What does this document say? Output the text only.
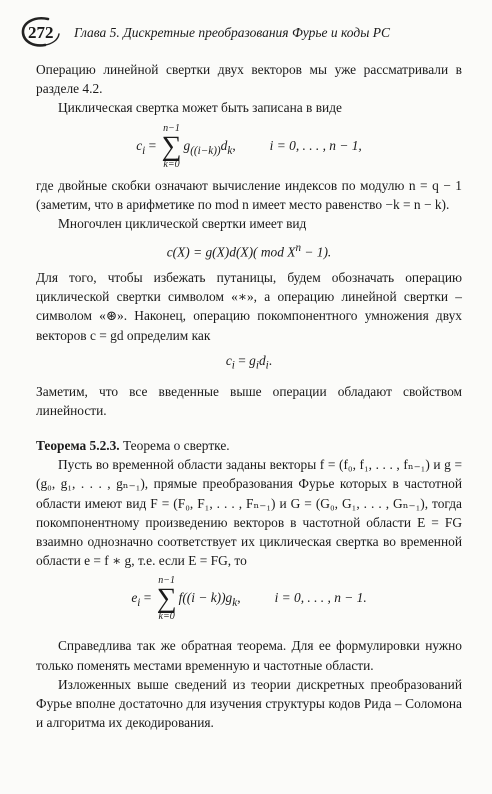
272 Глава 5. Дискретные преобразования Фурье и коды РС

Операцию линейной свертки двух векторов мы уже рассматривали в разделе 4.2.

Циклическая свертка может быть записана в виде

$c_i$ =
n−1
∑
k=0
$g_{((i-k))}d_k$,	i = 0, . . . , n − 1,

где двойные скобки означают вычисление индексов по модулю n = q − 1 (заметим, что в арифметике по mod n имеет место равенство −k = n − k).

Многочлен циклической свертки имеет вид

c(X) = g(X)d(X)( mod $X^n - 1$).

Для того, чтобы избежать путаницы, будем обозначать операцию циклической свертки символом «∗», а операцию линейной свертки – символом «⊛». Наконец, операцию покомпонентного умножения двух векторов c = gd определим как

$c_i = g_id_i$.

Заметим, что все введенные выше операции обладают свойством линейности.

Теорема 5.2.3. Теорема о свертке.

Пусть во временной области заданы векторы f = (f₀, f₁, . . . , fₙ₋₁) и g = (g₀, g₁, . . . , gₙ₋₁), прямые преобразования Фурье которых в частотной области имеют вид F = (F₀, F₁, . . . , Fₙ₋₁) и G = (G₀, G₁, . . . , Gₙ₋₁), тогда покомпонентному произведению векторов в частотной области E = FG взаимно однозначно соответствует их циклическая свертка во временной области e = f ∗ g, т.е. если E = FG, то

$e_i$ =
n−1
∑
k=0
$f((i - k))g_k$,	i = 0, . . . , n − 1.

Справедлива так же обратная теорема. Для ее формулировки нужно только поменять местами временную и частотные области.

Изложенных выше сведений из теории дискретных преобразований Фурье вполне достаточно для изучения структуры кодов Рида – Соломона и алгоритма их декодирования.
